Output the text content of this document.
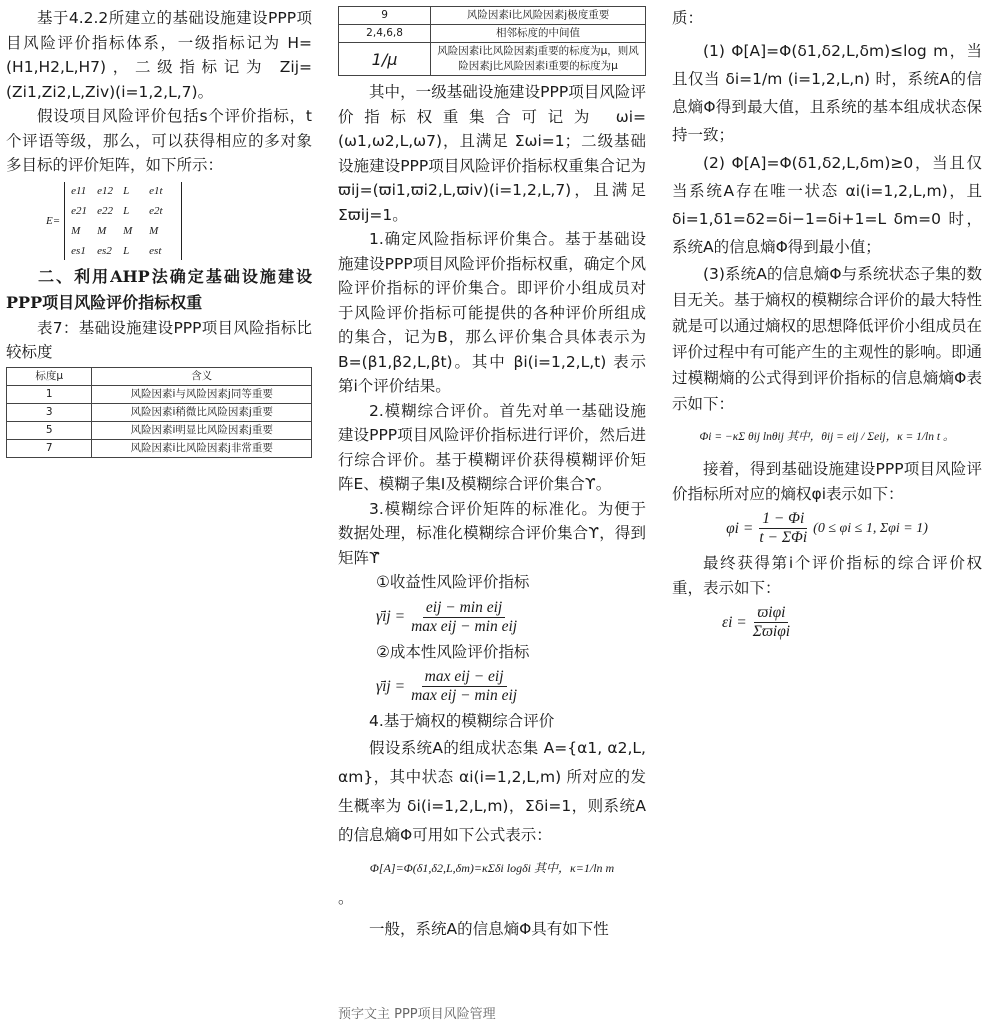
基于4.2.2所建立的基础设施建设PPP项目风险评价指标体系，一级指标记为 H=(H1,H2,L,H7)，二级指标记为 Zij=(Zi1,Zi2,L,Ziv)(i=1,2,L,7)。

假设项目风险评价包括s个评价指标，t个评语等级，那么，可以获得相应的多对象多目标的评价矩阵，如下所示：

E=
e11 e12 L	e1t
e21 e22 L	e2t
M	M	M	M
es1	es2	L	est

二、利用AHP法确定基础设施建设PPP项目风险评价指标权重

表7：基础设施建设PPP项目风险指标比较标度

标度μ	含义
1	风险因素i与风险因素j同等重要
3	风险因素i稍微比风险因素j重要
5	风险因素i明显比风险因素j重要
7	风险因素i比风险因素j非常重要
9	风险因素i比风险因素j极度重要
2,4,6,8	相邻标度的中间值
1/μ	风险因素i比风险因素j重要的标度为μ，则风险因素j比风险因素i重要的标度为μ

其中，一级基础设施建设PPP项目风险评价指标权重集合可记为 ωi=(ω1,ω2,L,ω7)，且满足 Σωi=1；二级基础设施建设PPP项目风险评价指标权重集合记为 ϖij=(ϖi1,ϖi2,L,ϖiv)(i=1,2,L,7)，且满足 Σϖij=1。

1.确定风险指标评价集合。基于基础设施建设PPP项目风险评价指标权重，确定个风险评价指标的评价集合。即评价小组成员对于风险评价指标可能提供的各种评价所组成的集合，记为B，那么评价集合具体表示为 B=(β1,β2,L,βt)。其中 βi(i=1,2,L,t) 表示第i个评价结果。

2.模糊综合评价。首先对单一基础设施建设PPP项目风险评价指标进行评价，然后进行综合评价。基于模糊评价获得模糊评价矩阵E、模糊子集I及模糊综合评价集合ϒ。

3.模糊综合评价矩阵的标准化。为便于数据处理，标准化模糊综合评价集合ϒ，得到矩阵ϒ̄

①收益性风险评价指标

γ̄ij = $\frac{\text{eij − min eij}}{\text{max eij − min eij}}$

②成本性风险评价指标

γ̄ij = $\frac{\text{max eij − eij}}{\text{max eij − min eij}}$

4.基于熵权的模糊综合评价

假设系统A的组成状态集 A={α1, α2,L, αm}，其中状态 αi(i=1,2,L,m) 所对应的发生概率为 δi(i=1,2,L,m)，Σδi=1，则系统A的信息熵Φ可用如下公式表示：

Φ[A]=Φ(δ1,δ2,L,δm)=κΣδi logδi 其中，κ=1/ln m

。

一般，系统A的信息熵Φ具有如下性

预字文主 PPP项目风险管理

质：

(1) Φ[A]=Φ(δ1,δ2,L,δm)≤log m，当且仅当 δi=1/m (i=1,2,L,n) 时，系统A的信息熵Φ得到最大值，且系统的基本组成状态保持一致；

(2) Φ[A]=Φ(δ1,δ2,L,δm)≥0，当且仅当系统A存在唯一状态 αi(i=1,2,L,m)，且 δi=1,δ1=δ2=δi−1=δi+1=L δm=0 时，系统A的信息熵Φ得到最小值；

(3)系统A的信息熵Φ与系统状态子集的数目无关。基于熵权的模糊综合评价的最大特性就是可以通过熵权的思想降低评价小组成员在评价过程中有可能产生的主观性的影响。即通过模糊熵的公式得到评价指标的信息熵熵Φ表示如下：

Φi = −κΣ θij lnθij 其中，θij = eij / Σeij，κ = 1/ln t 。

接着，得到基础设施建设PPP项目风险评价指标所对应的熵权φi表示如下：

$\varphi i = \frac{1 - \Phi i}{\text{t − ΣΦi}} (0 \le \varphi i \le 1$, Σφi = 1)

最终获得第i个评价指标的综合评价权重，表示如下：

$\varepsilon i = \frac{\text{ϖiφi}}{\text{Σϖiφi}}$
